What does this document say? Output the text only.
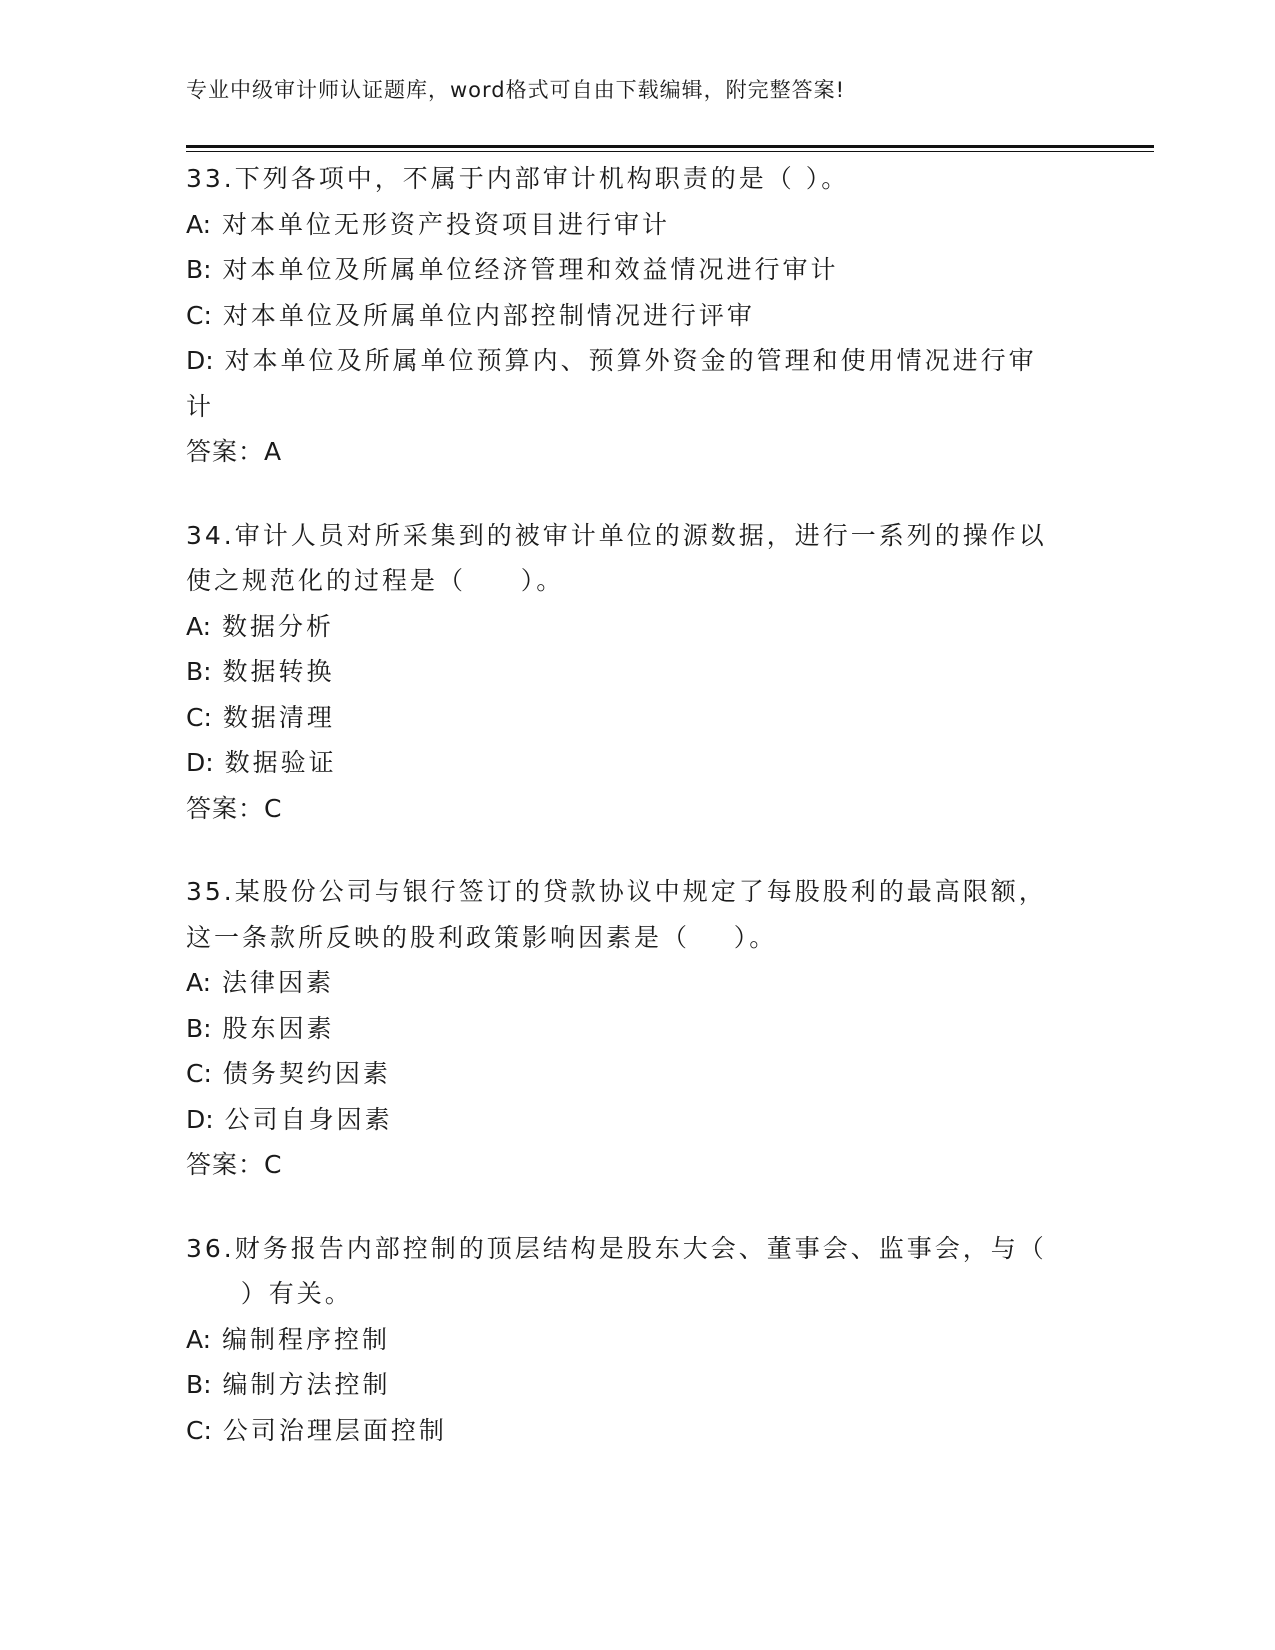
专业中级审计师认证题库，word格式可自由下载编辑，附完整答案!
33.下列各项中，不属于内部审计机构职责的是（ ）。
A: 对本单位无形资产投资项目进行审计
B: 对本单位及所属单位经济管理和效益情况进行审计
C: 对本单位及所属单位内部控制情况进行评审
D: 对本单位及所属单位预算内、预算外资金的管理和使用情况进行审
计
答案：A
34.审计人员对所采集到的被审计单位的源数据，进行一系列的操作以
使之规范化的过程是（     ）。
A: 数据分析
B: 数据转换
C: 数据清理
D: 数据验证
答案：C
35.某股份公司与银行签订的贷款协议中规定了每股股利的最高限额，
这一条款所反映的股利政策影响因素是（    ）。
A: 法律因素
B: 股东因素
C: 债务契约因素
D: 公司自身因素
答案：C
36.财务报告内部控制的顶层结构是股东大会、董事会、监事会，与（
）有关。
A: 编制程序控制
B: 编制方法控制
C: 公司治理层面控制
